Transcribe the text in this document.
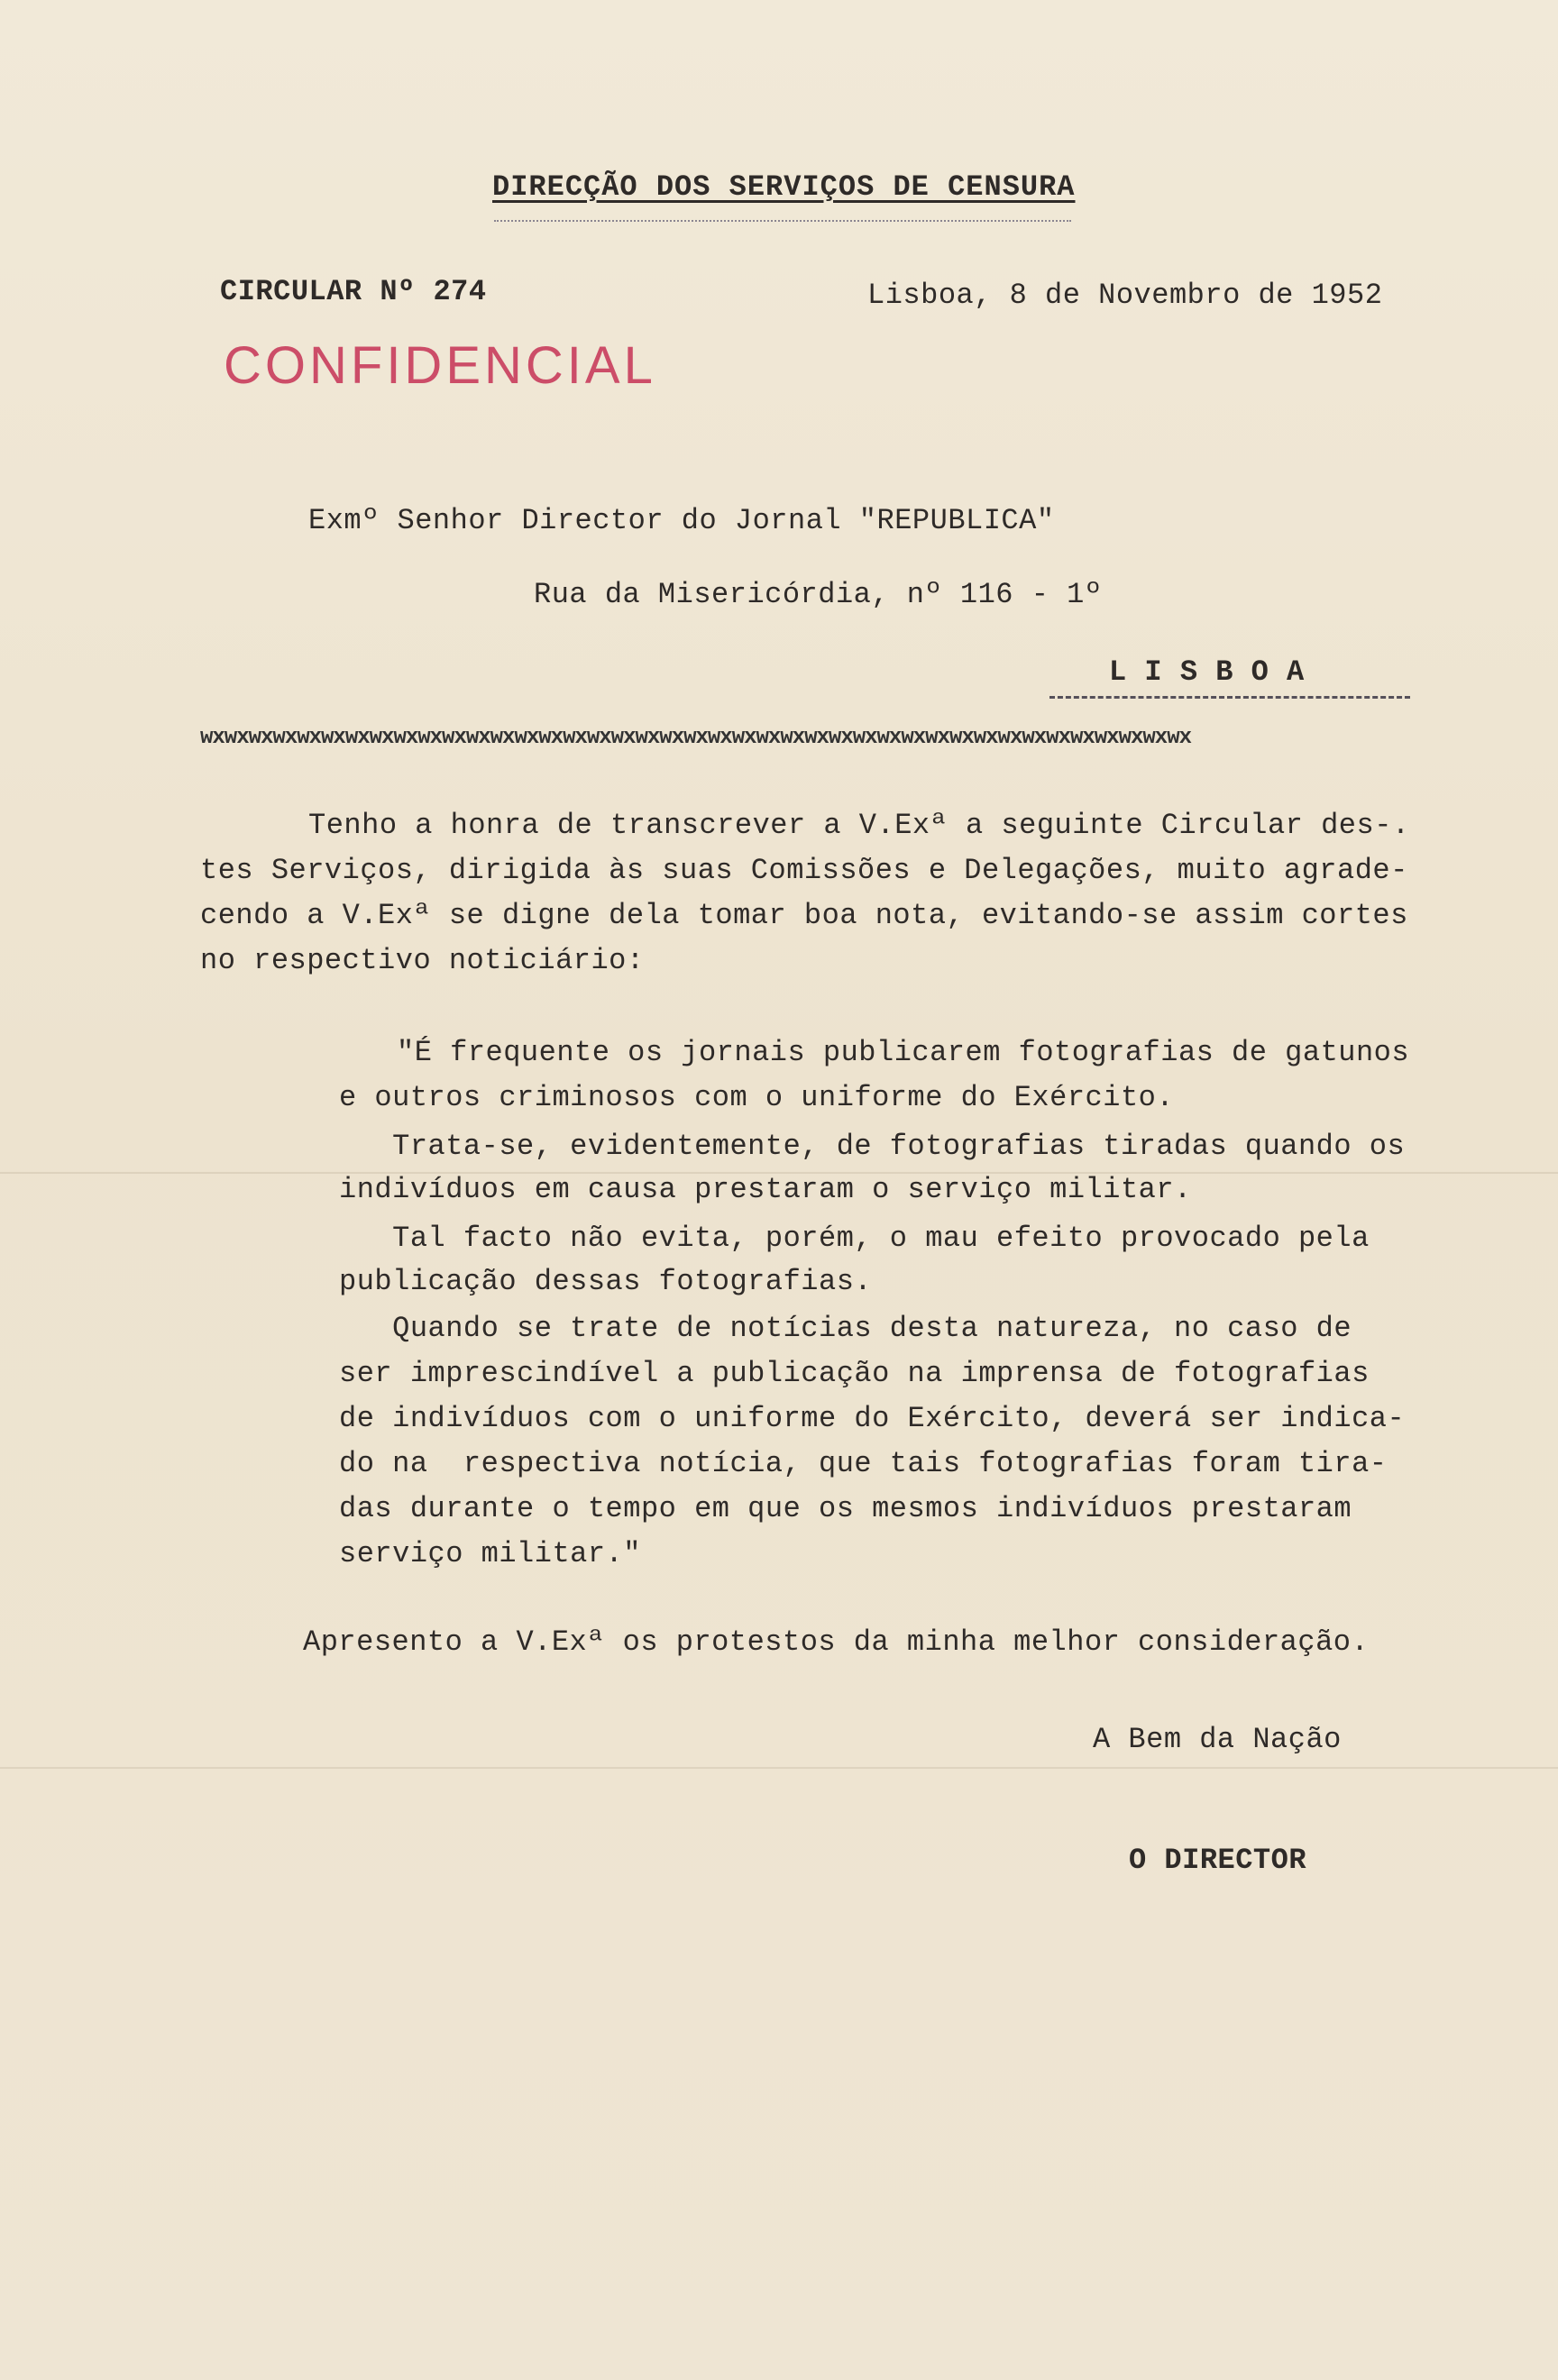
DIRECÇÃO DOS SERVIÇOS DE CENSURA
CIRCULAR Nº 274	Lisboa, 8 de Novembro de 1952
CONFIDENCIAL
Exmº Senhor Director do Jornal "REPUBLICA"
Rua da Misericórdia, nº 116 - 1º
L I S B O A
wxwxwxwxwxwxwxwxwxwxwxwxwxwxwxwxwxwxwxwxwxwxwxwxwxwxwxwxwxwxwxwxwxwxwxwxwxwxwxwxwx
Tenho a honra de transcrever a V.Exª a seguinte Circular des-.
tes Serviços, dirigida às suas Comissões e Delegações, muito agrade-
cendo a V.Exª se digne dela tomar boa nota, evitando-se assim cortes
no respectivo noticiário:
"É frequente os jornais publicarem fotografias de gatunos
e outros criminosos com o uniforme do Exército.
Trata-se, evidentemente, de fotografias tiradas quando os
indivíduos em causa prestaram o serviço militar.
Tal facto não evita, porém, o mau efeito provocado pela
publicação dessas fotografias.
Quando se trate de notícias desta natureza, no caso de
ser imprescindível a publicação na imprensa de fotografias
de indivíduos com o uniforme do Exército, deverá ser indica-
do na  respectiva notícia, que tais fotografias foram tira-
das durante o tempo em que os mesmos indivíduos prestaram
serviço militar."
Apresento a V.Exª os protestos da minha melhor consideração.
A Bem da Nação
O DIRECTOR
